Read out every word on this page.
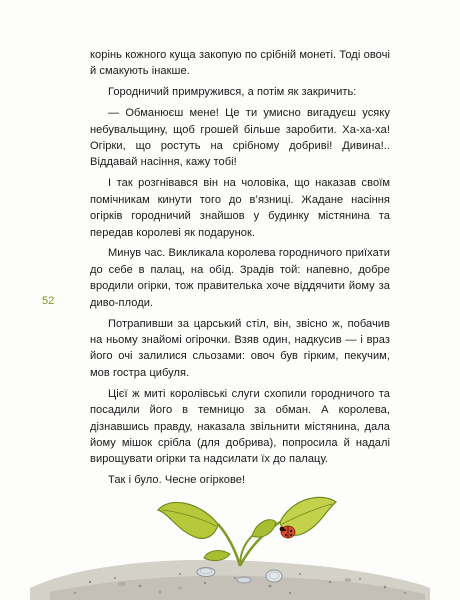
52

корінь кожного куща закопую по срібній монеті. Тоді овочі й смакують інакше.

Городничий примружився, а потім як закричить:

— Обманюєш мене! Це ти умисно вигадуєш усяку небувальщину, щоб грошей більше заробити. Ха-ха-ха! Огірки, що ростуть на срібному добриві! Дивина!.. Віддавай насіння, кажу тобі!

І так розгнівався він на чоловіка, що наказав своїм помічникам кинути того до в’язниці. Жадане насіння огірків городничий знайшов у будинку містянина та передав королеві як подарунок.

Минув час. Викликала королева городничого приїхати до себе в палац, на обід. Зрадів той: напевно, добре вродили огірки, тож правителька хоче віддячити йому за диво-плоди.

Потрапивши за царський стіл, він, звісно ж, побачив на ньому знайомі огірочки. Взяв один, надкусив — і враз його очі залилися сльозами: овоч був гірким, пекучим, мов гостра цибуля.

Цієї ж миті королівські слуги схопили городничого та посадили його в темницю за обман. А королева, дізнавшись правду, наказала звільнити містянина, дала йому мішок срібла (для добрива), попросила й надалі вирощувати огірки та надсилати їх до палацу.

Так і було. Чесне огіркове!
